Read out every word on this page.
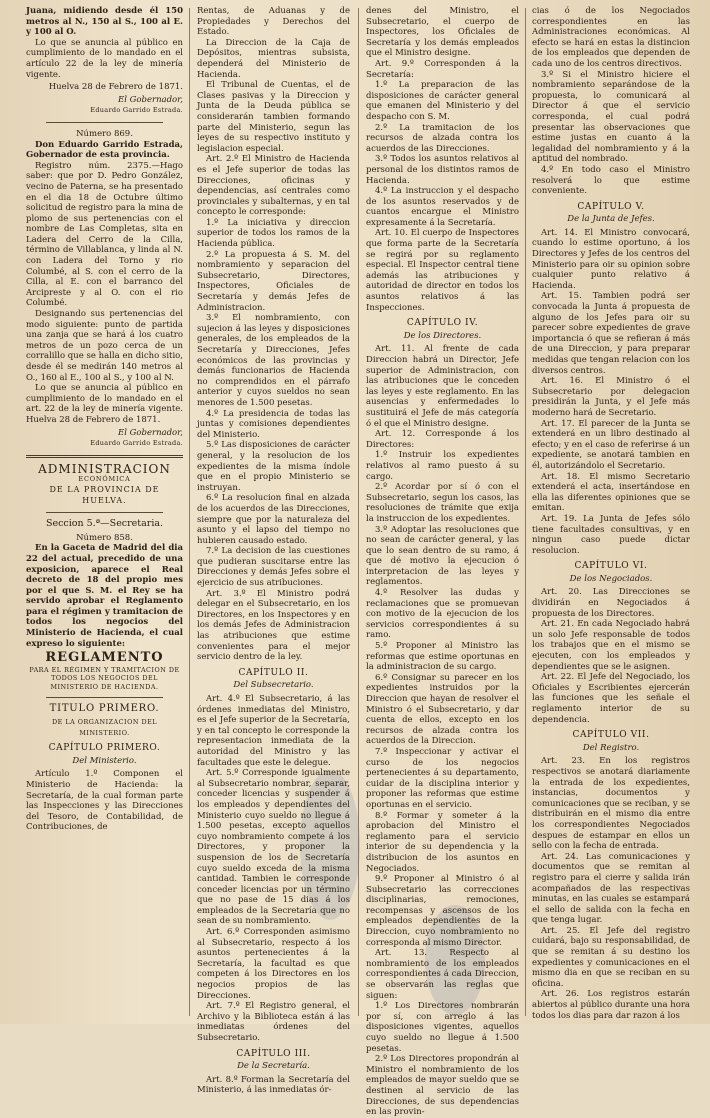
Juana, midiendo desde él 150 metros al N., 150 al S., 100 al E. y 100 al O.

Lo que se anuncia al público en cumplimiento de lo mandado en el artículo 22 de la ley de minería vigente.

Huelva 28 de Febrero de 1871.
El Gobernador,
Eduardo Garrido Estrada.
Número 869.

Don Eduardo Garrido Estrada, Gobernador de esta provincia.

Registro núm. 2375.—Hago saber: que por D. Pedro González, vecino de Paterna, se ha presentado en el dia 18 de Octubre último solicitud de registro para la mina de plomo de sus pertenencias con el nombre de Las Completas, sita en Ladera del Cerro de la Cilla, término de Villablanca, y linda al N. con Ladera del Torno y rio Columbé, al S. con el cerro de la Cilla, al E. con el barranco del Arcipreste y al O. con el rio Columbé.

Designando sus pertenencias del modo siguiente: punto de partida una zanja que se hará á los cuatro metros de un pozo cerca de un corralillo que se halla en dicho sitio, desde él se medirán 140 metros al O., 160 al E., 100 al S., y 100 al N.

Lo que se anuncia al público en cumplimiento de lo mandado en el art. 22 de la ley de minería vigente. Huelva 28 de Febrero de 1871.

El Gobernador,
Eduardo Garrido Estrada.
ADMINISTRACION
ECONÓMICA
DE LA PROVINCIA DE HUELVA.
Seccion 5.ª—Secretaria.
Número 858.

En la Gaceta de Madrid del dia 22 del actual, precedido de una exposicion, aparece el Real decreto de 18 del propio mes por el que S. M. el Rey se ha servido aprobar el Reglamento para el régimen y tramitacion de todos los negocios del Ministerio de Hacienda, el cual expreso lo siguiente:

REGLAMENTO
PARA EL RÉGIMEN Y TRAMITACION DE TODOS LOS NEGOCIOS DEL MINISTERIO DE HACIENDA.
TITULO PRIMERO.
DE LA ORGANIZACION DEL MINISTERIO.
CAPÍTULO PRIMERO.
Del Ministerio.

Artículo 1.º Componen el Ministerio de Hacienda: la Secretaría, de la cual forman parte las Inspecciones y las Direcciones del Tesoro, de Contabilidad, de Contribuciones, de

Rentas, de Aduanas y de Propiedades y Derechos del Estado.

La Direccion de la Caja de Depósitos, mientras subsista, dependerá del Ministerio de Hacienda.

El Tribunal de Cuentas, el de Clases pasivas y la Direccion y Junta de la Deuda pública se considerarán tambien formando parte del Ministerio, segun las leyes de su respectivo instituto y legislacion especial.

Art. 2.º El Ministro de Hacienda es el Jefe superior de todas las Direcciones, oficinas y dependencias, así centrales como provinciales y subalternas, y en tal concepto le corresponde:

1.º La iniciativa y direccion superior de todos los ramos de la Hacienda pública.

2.º La propuesta á S. M. del nombramiento y separacion del Subsecretario, Directores, Inspectores, Oficiales de Secretaría y demás Jefes de Administracion.

3.º El nombramiento, con sujecion á las leyes y disposiciones generales, de los empleados de la Secretaría y Direcciones, Jefes económicos de las provincias y demás funcionarios de Hacienda no comprendidos en el párrafo anterior y cuyos sueldos no sean menores de 1.500 pesetas.

4.º La presidencia de todas las juntas y comisiones dependientes del Ministerio.

5.º Las disposiciones de carácter general, y la resolucion de los expedientes de la misma índole que en el propio Ministerio se instruyan.

6.º La resolucion final en alzada de los acuerdos de las Direcciones, siempre que por la naturaleza del asunto y el lapso del tiempo no hubieren causado estado.

7.º La decision de las cuestiones que pudieran suscitarse entre las Direcciones y demás Jefes sobre el ejercicio de sus atribuciones.

Art. 3.º El Ministro podrá delegar en el Subsecretario, en los Directores, en los Inspectores y en los demás Jefes de Administracion las atribuciones que estime convenientes para el mejor servicio dentro de la ley.

CAPÍTULO II.
Del Subsecretario.

Art. 4.º El Subsecretario, á las órdenes inmediatas del Ministro, es el Jefe superior de la Secretaría, y en tal concepto le corresponde la representacion inmediata de la autoridad del Ministro y las facultades que este le delegue.

Art. 5.º Corresponde igualmente al Subsecretario nombrar, separar, conceder licencias y suspender á los empleados y dependientes del Ministerio cuyo sueldo no llegue á 1.500 pesetas, excepto aquellos cuyo nombramiento compete á los Directores, y proponer la suspension de los de Secretaría cuyo sueldo exceda de la misma cantidad. Tambien le corresponde conceder licencias por un término que no pase de 15 dias á los empleados de la Secretaría que no sean de su nombramiento.

Art. 6.º Corresponden asimismo al Subsecretario, respecto á los asuntos pertenecientes á la Secretaría, la facultad es que competen á los Directores en los negocios propios de las Direcciones.

Art. 7.º El Registro general, el Archivo y la Biblioteca están á las inmediatas órdenes del Subsecretario.

CAPÍTULO III.
De la Secretaría.

Art. 8.º Forman la Secretaría del Ministerio, á las inmediatas ór-

denes del Ministro, el Subsecretario, el cuerpo de Inspectores, los Oficiales de Secretaría y los demás empleados que el Ministro designe.

Art. 9.º Corresponden á la Secretaría:

1.º La preparacion de las disposiciones de carácter general que emanen del Ministerio y del despacho con S. M.

2.º La tramitacion de los recursos de alzada contra los acuerdos de las Direcciones.

3.º Todos los asuntos relativos al personal de los distintos ramos de Hacienda.

4.º La instruccion y el despacho de los asuntos reservados y de cuantos encargue el Ministro expresamente á la Secretaría.

Art. 10. El cuerpo de Inspectores que forma parte de la Secretaría se regirá por su reglamento especial. El Inspector central tiene además las atribuciones y autoridad de director en todos los asuntos relativos á las Inspecciones.

CAPÍTULO IV.
De los Directores.

Art. 11. Al frente de cada Direccion habrá un Director, Jefe superior de Administracion, con las atribuciones que le conceden las leyes y este reglamento. En las ausencias y enfermedades lo sustituirá el Jefe de más categoría ó el que el Ministro designe.

Art. 12. Corresponde á los Directores:

1.º Instruir los expedientes relativos al ramo puesto á su cargo.

2.º Acordar por sí ó con el Subsecretario, segun los casos, las resoluciones de trámite que exija la instruccion de los expedientes.

3.º Adoptar las resoluciones que no sean de carácter general, y las que lo sean dentro de su ramo, á que dé motivo la ejecucion ó interpretacion de las leyes y reglamentos.

4.º Resolver las dudas y reclamaciones que se promuevan con motivo de la ejecucion de los servicios correspondientes á su ramo.

5.º Proponer al Ministro las reformas que estime oportunas en la administracion de su cargo.

6.º Consignar su parecer en los expedientes instruidos por la Direccion que hayan de resolver el Ministro ó el Subsecretario, y dar cuenta de ellos, excepto en los recursos de alzada contra los acuerdos de la Direccion.

7.º Inspeccionar y activar el curso de los negocios pertenecientes á su departamento, cuidar de la disciplina interior y proponer las reformas que estime oportunas en el servicio.

8.º Formar y someter á la aprobacion del Ministro el reglamento para el servicio interior de su dependencia y la distribucion de los asuntos en Negociados.

9.º Proponer al Ministro ó al Subsecretario las correcciones disciplinarias, remociones, recompensas y ascensos de los empleados dependientes de la Direccion, cuyo nombramiento no corresponda al mismo Director.

Art. 13. Respecto al nombramiento de los empleados correspondientes á cada Direccion, se observarán las reglas que siguen:

1.º Los Directores nombrarán por sí, con arreglo á las disposiciones vigentes, aquellos cuyo sueldo no llegue á 1.500 pesetas.

2.º Los Directores propondrán al Ministro el nombramiento de los empleados de mayor sueldo que se destinen al servicio de las Direcciones, de sus dependencias en las provin-

cias ó de los Negociados correspondientes en las Administraciones económicas. Al efecto se hará en estas la distincion de los empleados que dependen de cada uno de los centros directivos.

3.º Si el Ministro hiciere el nombramiento separándose de la propuesta, lo comunicará al Director á que el servicio corresponda, el cual podrá presentar las observaciones que estime justas en cuanto á la legalidad del nombramiento y á la aptitud del nombrado.

4.º En todo caso el Ministro resolverá lo que estime conveniente.

CAPÍTULO V.
De la Junta de Jefes.

Art. 14. El Ministro convocará, cuando lo estime oportuno, á los Directores y Jefes de los centros del Ministerio para oir su opinion sobre cualquier punto relativo á Hacienda.

Art. 15. Tambien podrá ser convocada la Junta á propuesta de alguno de los Jefes para oir su parecer sobre expedientes de grave importancia ó que se refieran á más de una Direccion, y para preparar medidas que tengan relacion con los diversos centros.

Art. 16. El Ministro ó el Subsecretario por delegacion presidirán la Junta, y el Jefe más moderno hará de Secretario.

Art. 17. El parecer de la Junta se extenderá en un libro destinado al efecto; y en el caso de referirse á un expediente, se anotará tambien en él, autorizándolo el Secretario.

Art. 18. El mismo Secretario extenderá el acta, insertándose en ella las diferentes opiniones que se emitan.

Art. 19. La Junta de Jefes sólo tiene facultades consultivas, y en ningun caso puede dictar resolucion.

CAPÍTULO VI.
De los Negociados.

Art. 20. Las Direcciones se dividirán en Negociados á propuesta de los Directores.

Art. 21. En cada Negociado habrá un solo Jefe responsable de todos los trabajos que en el mismo se ejecuten, con los empleados y dependientes que se le asignen.

Art. 22. El Jefe del Negociado, los Oficiales y Escribientes ejercerán las funciones que les señale el reglamento interior de su dependencia.

CAPÍTULO VII.
Del Registro.

Art. 23. En los registros respectivos se anotará diariamente la entrada de los expedientes, instancias, documentos y comunicaciones que se reciban, y se distribuirán en el mismo dia entre los correspondientes Negociados despues de estampar en ellos un sello con la fecha de entrada.

Art. 24. Las comunicaciones y documentos que se remitan al registro para el cierre y salida irán acompañados de las respectivas minutas, en las cuales se estampará el sello de salida con la fecha en que tenga lugar.

Art. 25. El Jefe del registro cuidará, bajo su responsabilidad, de que se remitan á su destino los expedientes y comunicaciones en el mismo dia en que se reciban en su oficina.

Art. 26. Los registros estarán abiertos al público durante una hora todos los dias para dar razon á los
